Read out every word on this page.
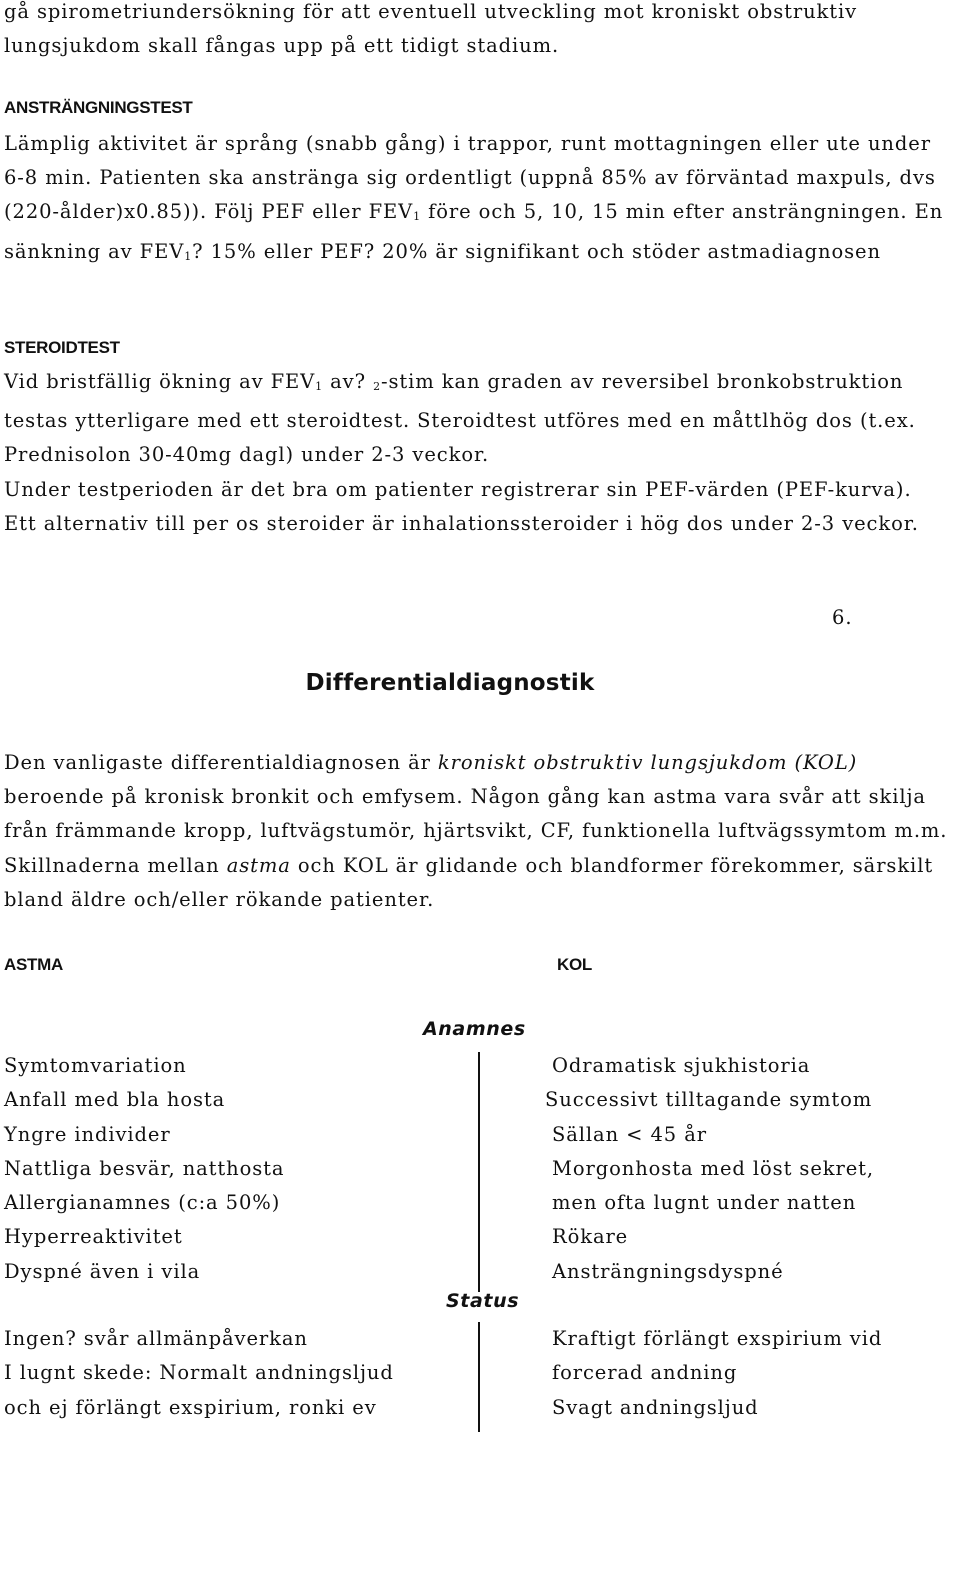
gå spirometriundersökning för att eventuell utveckling mot kroniskt obstruktiv

lungsjukdom skall fångas upp på ett tidigt stadium.

ANSTRÄNGNINGSTEST
Lämplig aktivitet är språng (snabb gång) i trappor, runt mottagningen eller ute under 6-8 min. Patienten ska anstränga sig ordentligt (uppnå 85% av förväntad maxpuls, dvs (220-ålder)x0.85)). Följ PEF eller $FEV_1$ före och 5, 10, 15 min efter ansträngningen. En sänkning av $FEV_1$? 15% eller PEF? 20% är signifikant och stöder astmadiagnosen
STEROIDTEST

Vid bristfällig ökning av $FEV_1$ av? $_2$-stim kan graden av reversibel bronkobstruktion testas ytterligare med ett steroidtest. Steroidtest utföres med en måttlhög dos (t.ex. Prednisolon 30-40mg dagl) under 2-3 veckor.

Under testperioden är det bra om patienter registrerar sin PEF-värden (PEF-kurva).

Ett alternativ till per os steroider är inhalationssteroider i hög dos under 2-3 veckor.

6.
Differentialdiagnostik
Den vanligaste differentialdiagnosen är kroniskt obstruktiv lungsjukdom (KOL) beroende på kronisk bronkit och emfysem. Någon gång kan astma vara svår att skilja från främmande kropp, luftvägstumör, hjärtsvikt, CF, funktionella luftvägssymtom m.m. Skillnaderna mellan astma och KOL är glidande och blandformer förekommer, särskilt bland äldre och/eller rökande patienter.
ASTMA	KOL
Anamnes
Symtomvariation
Anfall med bla hosta
Yngre individer
Nattliga besvär, natthosta
Allergianamnes (c:a 50%)
Hyperreaktivitet
Dyspné även i vila
Odramatisk sjukhistoria
Successivt tilltagande symtom
Sällan < 45 år
Morgonhosta med löst sekret,
men ofta lugnt under natten
Rökare
Ansträngningsdyspné
Status
Ingen? svår allmänpåverkan
I lugnt skede: Normalt andningsljud
och ej förlängt exspirium, ronki ev
Kraftigt förlängt exspirium vid
forcerad andning
Svagt andningsljud
